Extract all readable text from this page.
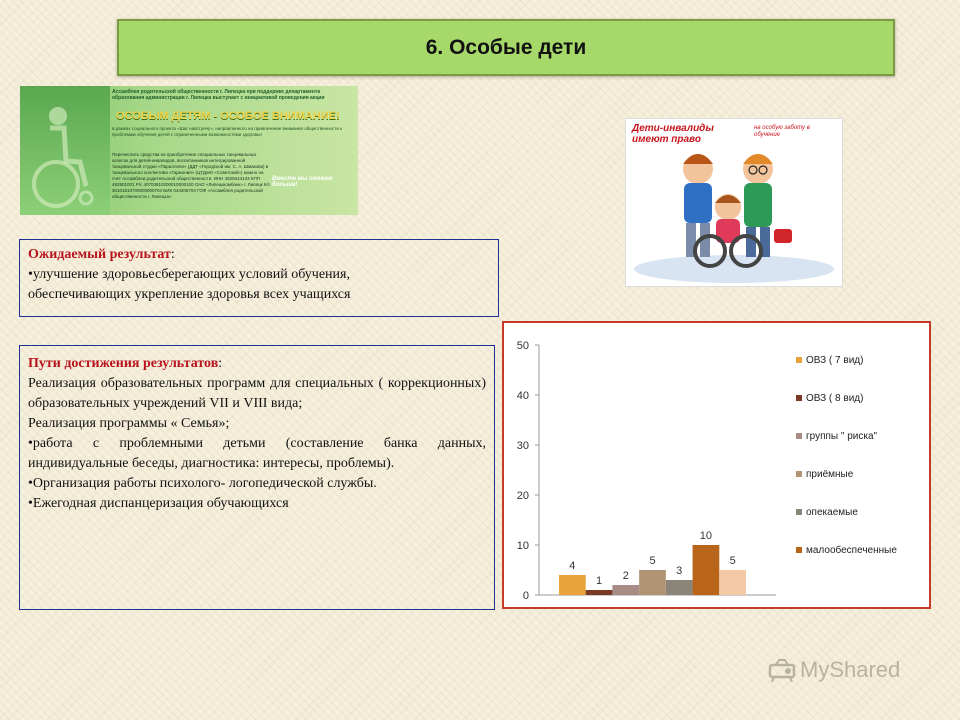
6. Особые дети
Ассамблея родительской общественности г. Липецка при поддержке департамента образования администрации г. Липецка выступает с инициативой проведения акции
ОСОБЫМ ДЕТЯМ - ОСОБОЕ ВНИМАНИЕ!
в рамках социального проекта «Шаг навстречу», направленного на привлечение внимания общественности к проблемам обучения детей с ограниченными возможностями здоровья
Перечислить средства на приобретение специальных танцевальных колясок для детей-инвалидов, воспитанников интегрированной танцевальной студии «Параллели» (ДДТ «Городской им. С. А. Шмакова) и танцевального коллектива «Гармония» (ЦТДиЮ «Советский») можно на счет Ассамблеи родительской общественности: ИНН 4825044133 КПП 482501001 Р/с 40703810200010000100 ОАО «Липецккомбанк» г. Липецк К/с 30101810700000000704 БИК 044206704 ГОФ «Ассамблея родительской общественности г. Липецка»
Вместе мы сможем больше!
Дети-инвалиды имеют право
на особую заботу в обучение
Ожидаемый результат:
•улучшение здоровьесберегающих условий обучения,
обеспечивающих укрепление здоровья всех учащихся
Пути достижения результатов:
Реализация образовательных программ для специальных ( коррекционных) образовательных учреждений VII и VIII вида;
Реализация программы « Семья»;
•работа с проблемными детьми (составление банка данных, индивидуальные беседы, диагностика: интересы, проблемы).
•Организация работы психолого- логопедической службы.
•Ежегодная диспанцеризация обучающихся
0
10
20
30
40
50
4
1 2
5
3
10
5
ОВЗ ( 7 вид)
ОВЗ ( 8 вид)
группы " риска"
приёмные
опекаемые
малообеспеченные
MyShared
